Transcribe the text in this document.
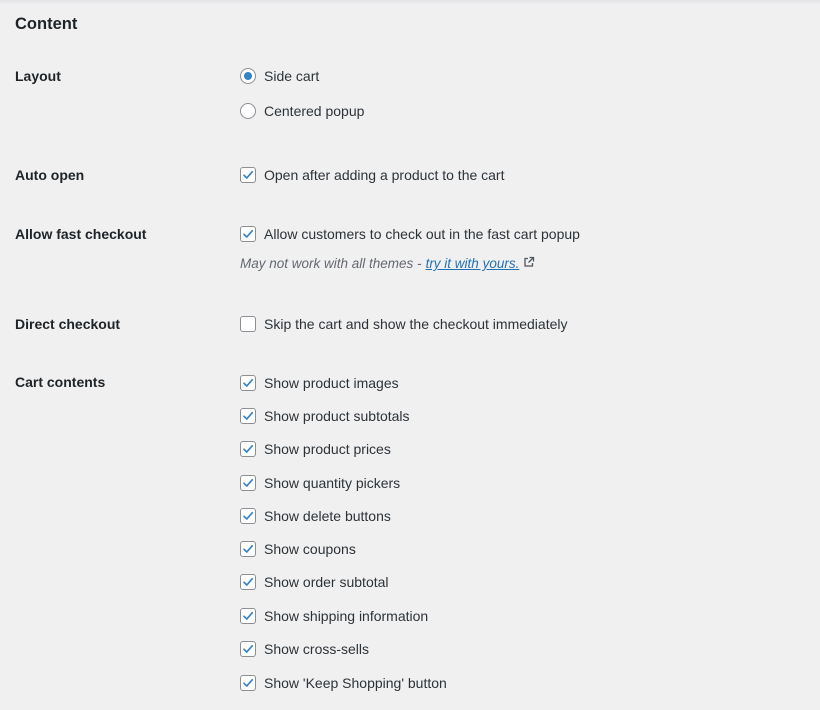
Content
Layout	Side cart
Centered popup
Auto open	Open after adding a product to the cart
Allow fast checkout	Allow customers to check out in the fast cart popup
May not work with all themes - try it with yours.
Direct checkout	Skip the cart and show the checkout immediately
Cart contents	Show product images
Show product subtotals
Show product prices
Show quantity pickers
Show delete buttons
Show coupons
Show order subtotal
Show shipping information
Show cross-sells
Show 'Keep Shopping' button
